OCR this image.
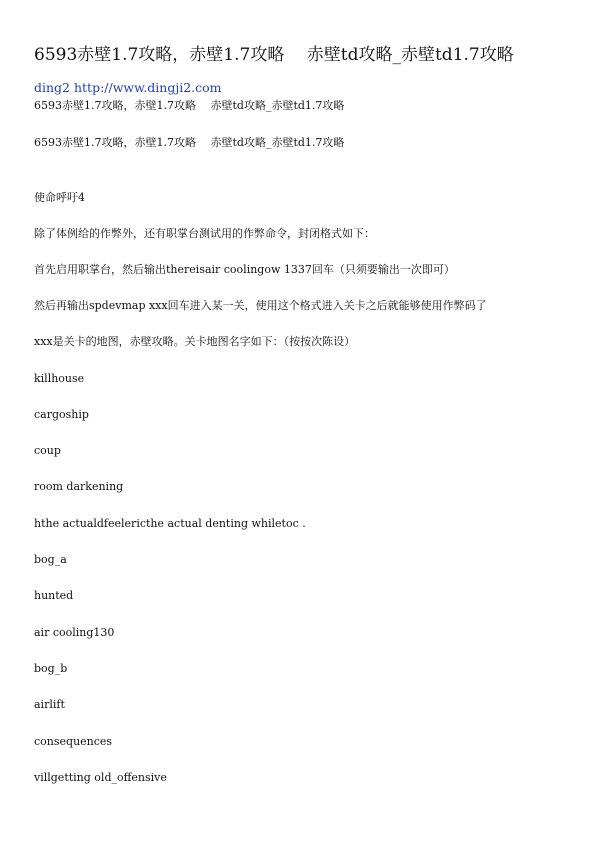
6593赤壁1.7攻略，赤壁1.7攻略　 赤壁td攻略_赤壁td1.7攻略
ding2 http://www.dingji2.com
6593赤壁1.7攻略，赤壁1.7攻略　 赤壁td攻略_赤壁td1.7攻略
6593赤壁1.7攻略，赤壁1.7攻略　 赤壁td攻略_赤壁td1.7攻略
使命呼吁4
除了体例给的作弊外，还有职掌台测试用的作弊命令，封闭格式如下：
首先启用职掌台，然后输出thereisair coolingow 1337回车（只须要输出一次即可）
然后再输出spdevmap xxx回车进入某一关，使用这个格式进入关卡之后就能够使用作弊码了
xxx是关卡的地图，赤壁攻略。关卡地图名字如下：（按按次陈设）
killhouse
cargoship
coup
room darkening
hthe actualdfeelericthe actual denting whiletoc .
bog_a
hunted
air cooling130
bog_b
airlift
consequences
villgetting old_offensive
